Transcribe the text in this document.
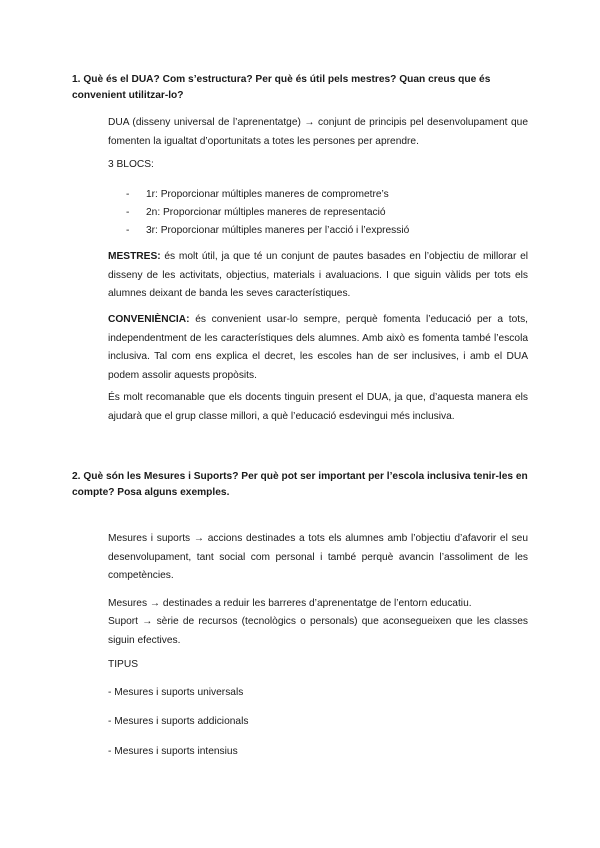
1. Què és el DUA? Com s’estructura? Per què és útil pels mestres? Quan creus que és convenient utilitzar-lo?
DUA (disseny universal de l’aprenentatge) → conjunt de principis pel desenvolupament que fomenten la igualtat d’oportunitats a totes les persones per aprendre.
3 BLOCS:
- 1r: Proporcionar múltiples maneres de comprometre’s
- 2n: Proporcionar múltiples maneres de representació
- 3r: Proporcionar múltiples maneres per l’acció i l’expressió
MESTRES: és molt útil, ja que té un conjunt de pautes basades en l’objectiu de millorar el disseny de les activitats, objectius, materials i avaluacions. I que siguin vàlids per tots els alumnes deixant de banda les seves característiques.
CONVENIÈNCIA: és convenient usar-lo sempre, perquè fomenta l’educació per a tots, independentment de les característiques dels alumnes. Amb això es fomenta també l’escola inclusiva. Tal com ens explica el decret, les escoles han de ser inclusives, i amb el DUA podem assolir aquests propòsits.
És molt recomanable que els docents tinguin present el DUA, ja que, d’aquesta manera els ajudarà que el grup classe millori, a què l’educació esdevingui més inclusiva.
2. Què són les Mesures i Suports? Per què pot ser important per l’escola inclusiva tenir-les en compte? Posa alguns exemples.
Mesures i suports → accions destinades a tots els alumnes amb l’objectiu d’afavorir el seu desenvolupament, tant social com personal i també perquè avancin l’assoliment de les competències.
Mesures → destinades a reduir les barreres d’aprenentatge de l’entorn educatiu.
Suport → sèrie de recursos (tecnològics o personals) que aconsegueixen que les classes siguin efectives.
TIPUS
- Mesures i suports universals
- Mesures i suports addicionals
- Mesures i suports intensius
